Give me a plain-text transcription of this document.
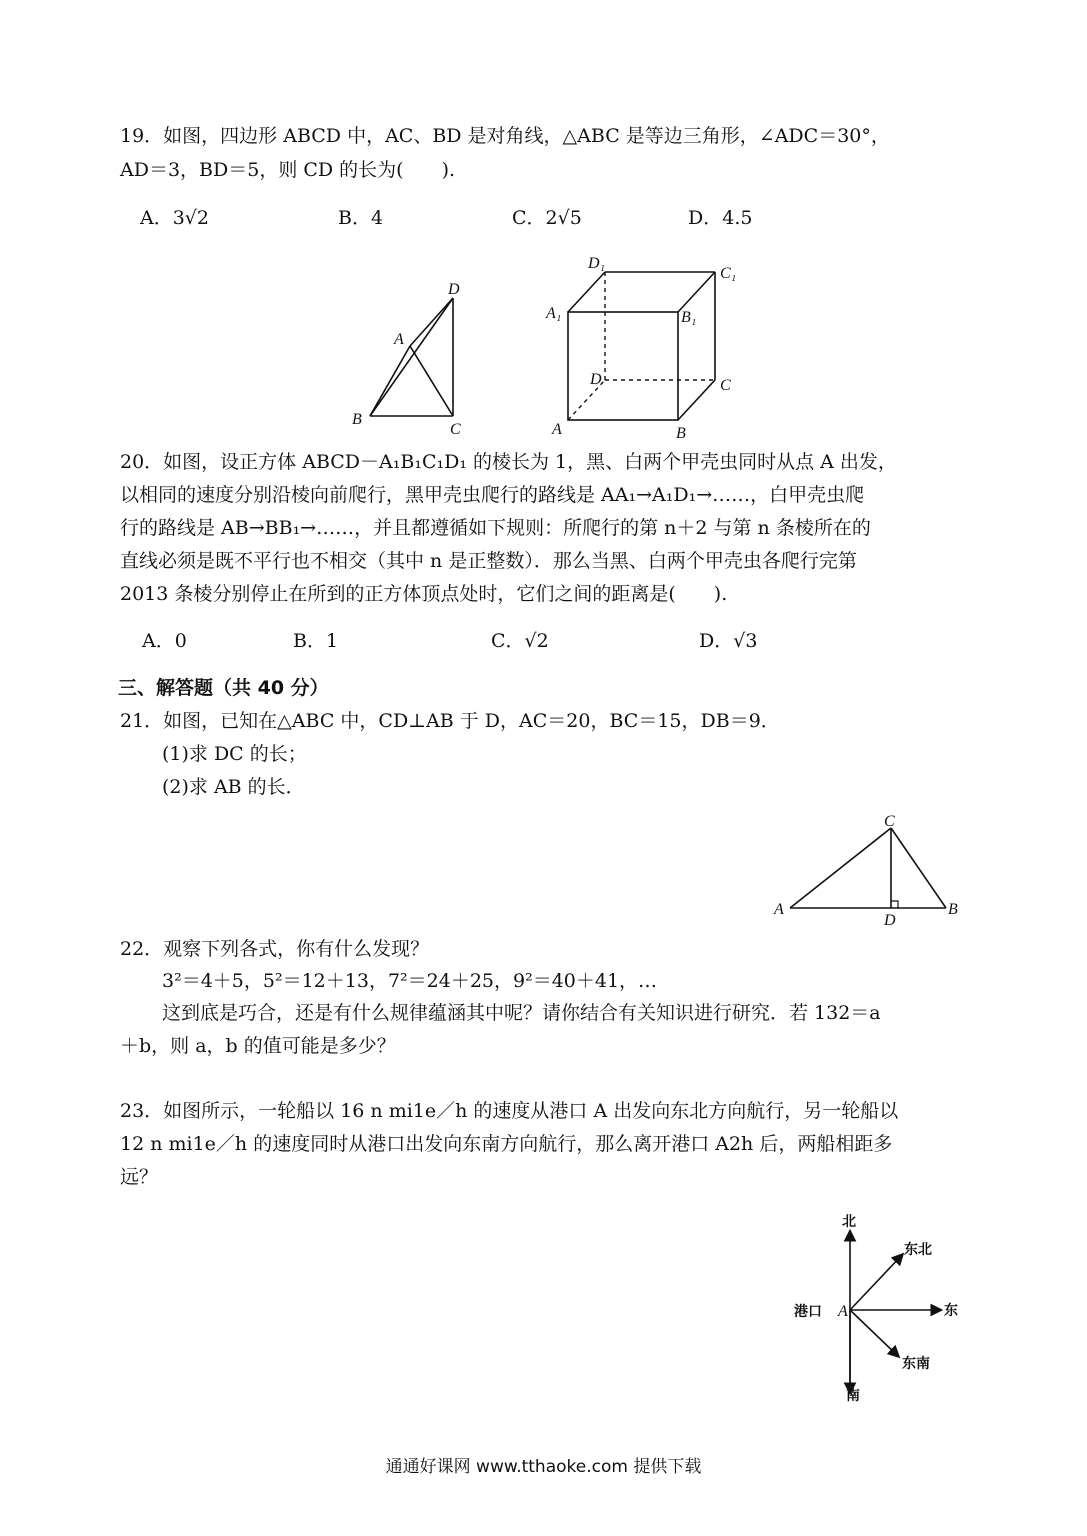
19．如图，四边形 ABCD 中，AC、BD 是对角线，△ABC 是等边三角形，∠ADC＝30°，
AD＝3，BD＝5，则 CD 的长为(　　).
A．3√2	B．4	C．2√5	D．4.5
D
A
B
C
D₁
C₁
A₁	B₁
D	C
A	B
20．如图，设正方体 ABCD－A₁B₁C₁D₁ 的棱长为 1，黑、白两个甲壳虫同时从点 A 出发，
以相同的速度分别沿棱向前爬行，黑甲壳虫爬行的路线是 AA₁→A₁D₁→……，白甲壳虫爬
行的路线是 AB→BB₁→……，并且都遵循如下规则：所爬行的第 n＋2 与第 n 条棱所在的
直线必须是既不平行也不相交（其中 n 是正整数）．那么当黑、白两个甲壳虫各爬行完第
2013 条棱分别停止在所到的正方体顶点处时，它们之间的距离是(　　).
A．0	B．1	C．√2	D．√3
三、解答题（共 40 分）
21．如图，已知在△ABC 中，CD⊥AB 于 D，AC＝20，BC＝15，DB＝9．
(1)求 DC 的长；
(2)求 AB 的长．
C
A	B
D
22．观察下列各式，你有什么发现？
3²＝4＋5，5²＝12＋13，7²＝24＋25，9²＝40＋41，…
这到底是巧合，还是有什么规律蕴涵其中呢？请你结合有关知识进行研究．若 132＝a
＋b，则 a，b 的值可能是多少？
23．如图所示，一轮船以 16 n mi1e／h 的速度从港口 A 出发向东北方向航行，另一轮船以
12 n mi1e／h 的速度同时从港口出发向东南方向航行，那么离开港口 A2h 后，两船相距多
远？
北
东北
东
东南
南
港口 A
通通好课网 www.tthaoke.com 提供下载
